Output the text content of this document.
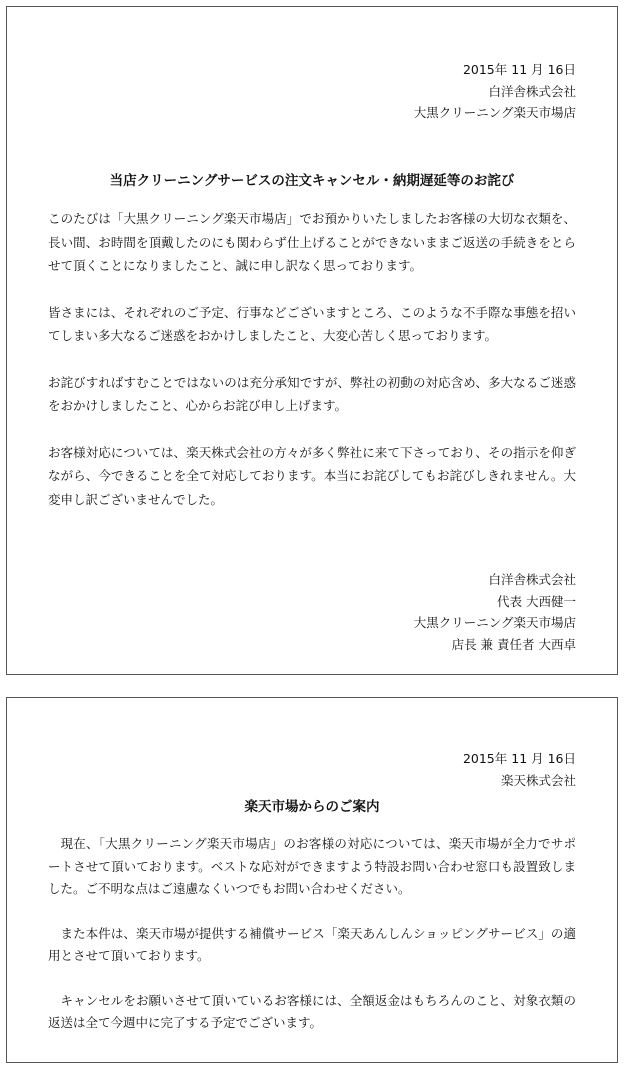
2015年 11 月 16日
白洋舎株式会社
大黒クリーニング楽天市場店
当店クリーニングサービスの注文キャンセル・納期遅延等のお詫び

このたびは「大黒クリーニング楽天市場店」でお預かりいたしましたお客様の大切な衣類を、長い間、お時間を頂戴したのにも関わらず仕上げることができないままご返送の手続きをとらせて頂くことになりましたこと、誠に申し訳なく思っております。

皆さまには、それぞれのご予定、行事などございますところ、このような不手際な事態を招いてしまい多大なるご迷惑をおかけしましたこと、大変心苦しく思っております。

お詫びすればすむことではないのは充分承知ですが、弊社の初動の対応含め、多大なるご迷惑をおかけしましたこと、心からお詫び申し上げます。

お客様対応については、楽天株式会社の方々が多く弊社に来て下さっており、その指示を仰ぎながら、今できることを全て対応しております。本当にお詫びしてもお詫びしきれません。大変申し訳ございませんでした。

白洋舎株式会社
代表 大西健一
大黒クリーニング楽天市場店
店長 兼 責任者 大西卓
2015年 11 月 16日
楽天株式会社
楽天市場からのご案内

現在、「大黒クリーニング楽天市場店」のお客様の対応については、楽天市場が全力でサポートさせて頂いております。ベストな応対ができますよう特設お問い合わせ窓口も設置致しました。ご不明な点はご遠慮なくいつでもお問い合わせください。

また本件は、楽天市場が提供する補償サービス「楽天あんしんショッピングサービス」の適用とさせて頂いております。

キャンセルをお願いさせて頂いているお客様には、全額返金はもちろんのこと、対象衣類の返送は全て今週中に完了する予定でございます。
